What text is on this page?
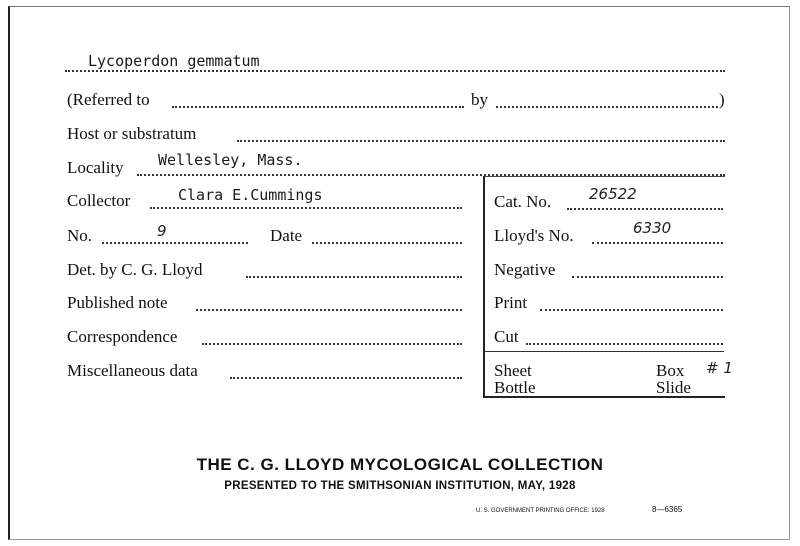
Lycoperdon gemmatum
(Referred to	by	)
Host or substratum
Locality Wellesley, Mass.
Collector	Clara E.Cummings
No.	9	Date
Det. by C. G. Lloyd
Published note
Correspondence
Miscellaneous data
Cat. No.	26522
Lloyd's No.	6330
Negative
Print
Cut
Sheet
Bottle
Box # 1
Slide
THE C. G. LLOYD MYCOLOGICAL COLLECTION
PRESENTED TO THE SMITHSONIAN INSTITUTION, MAY, 1928
U. S. GOVERNMENT PRINTING OFFICE: 1928	8—6365
